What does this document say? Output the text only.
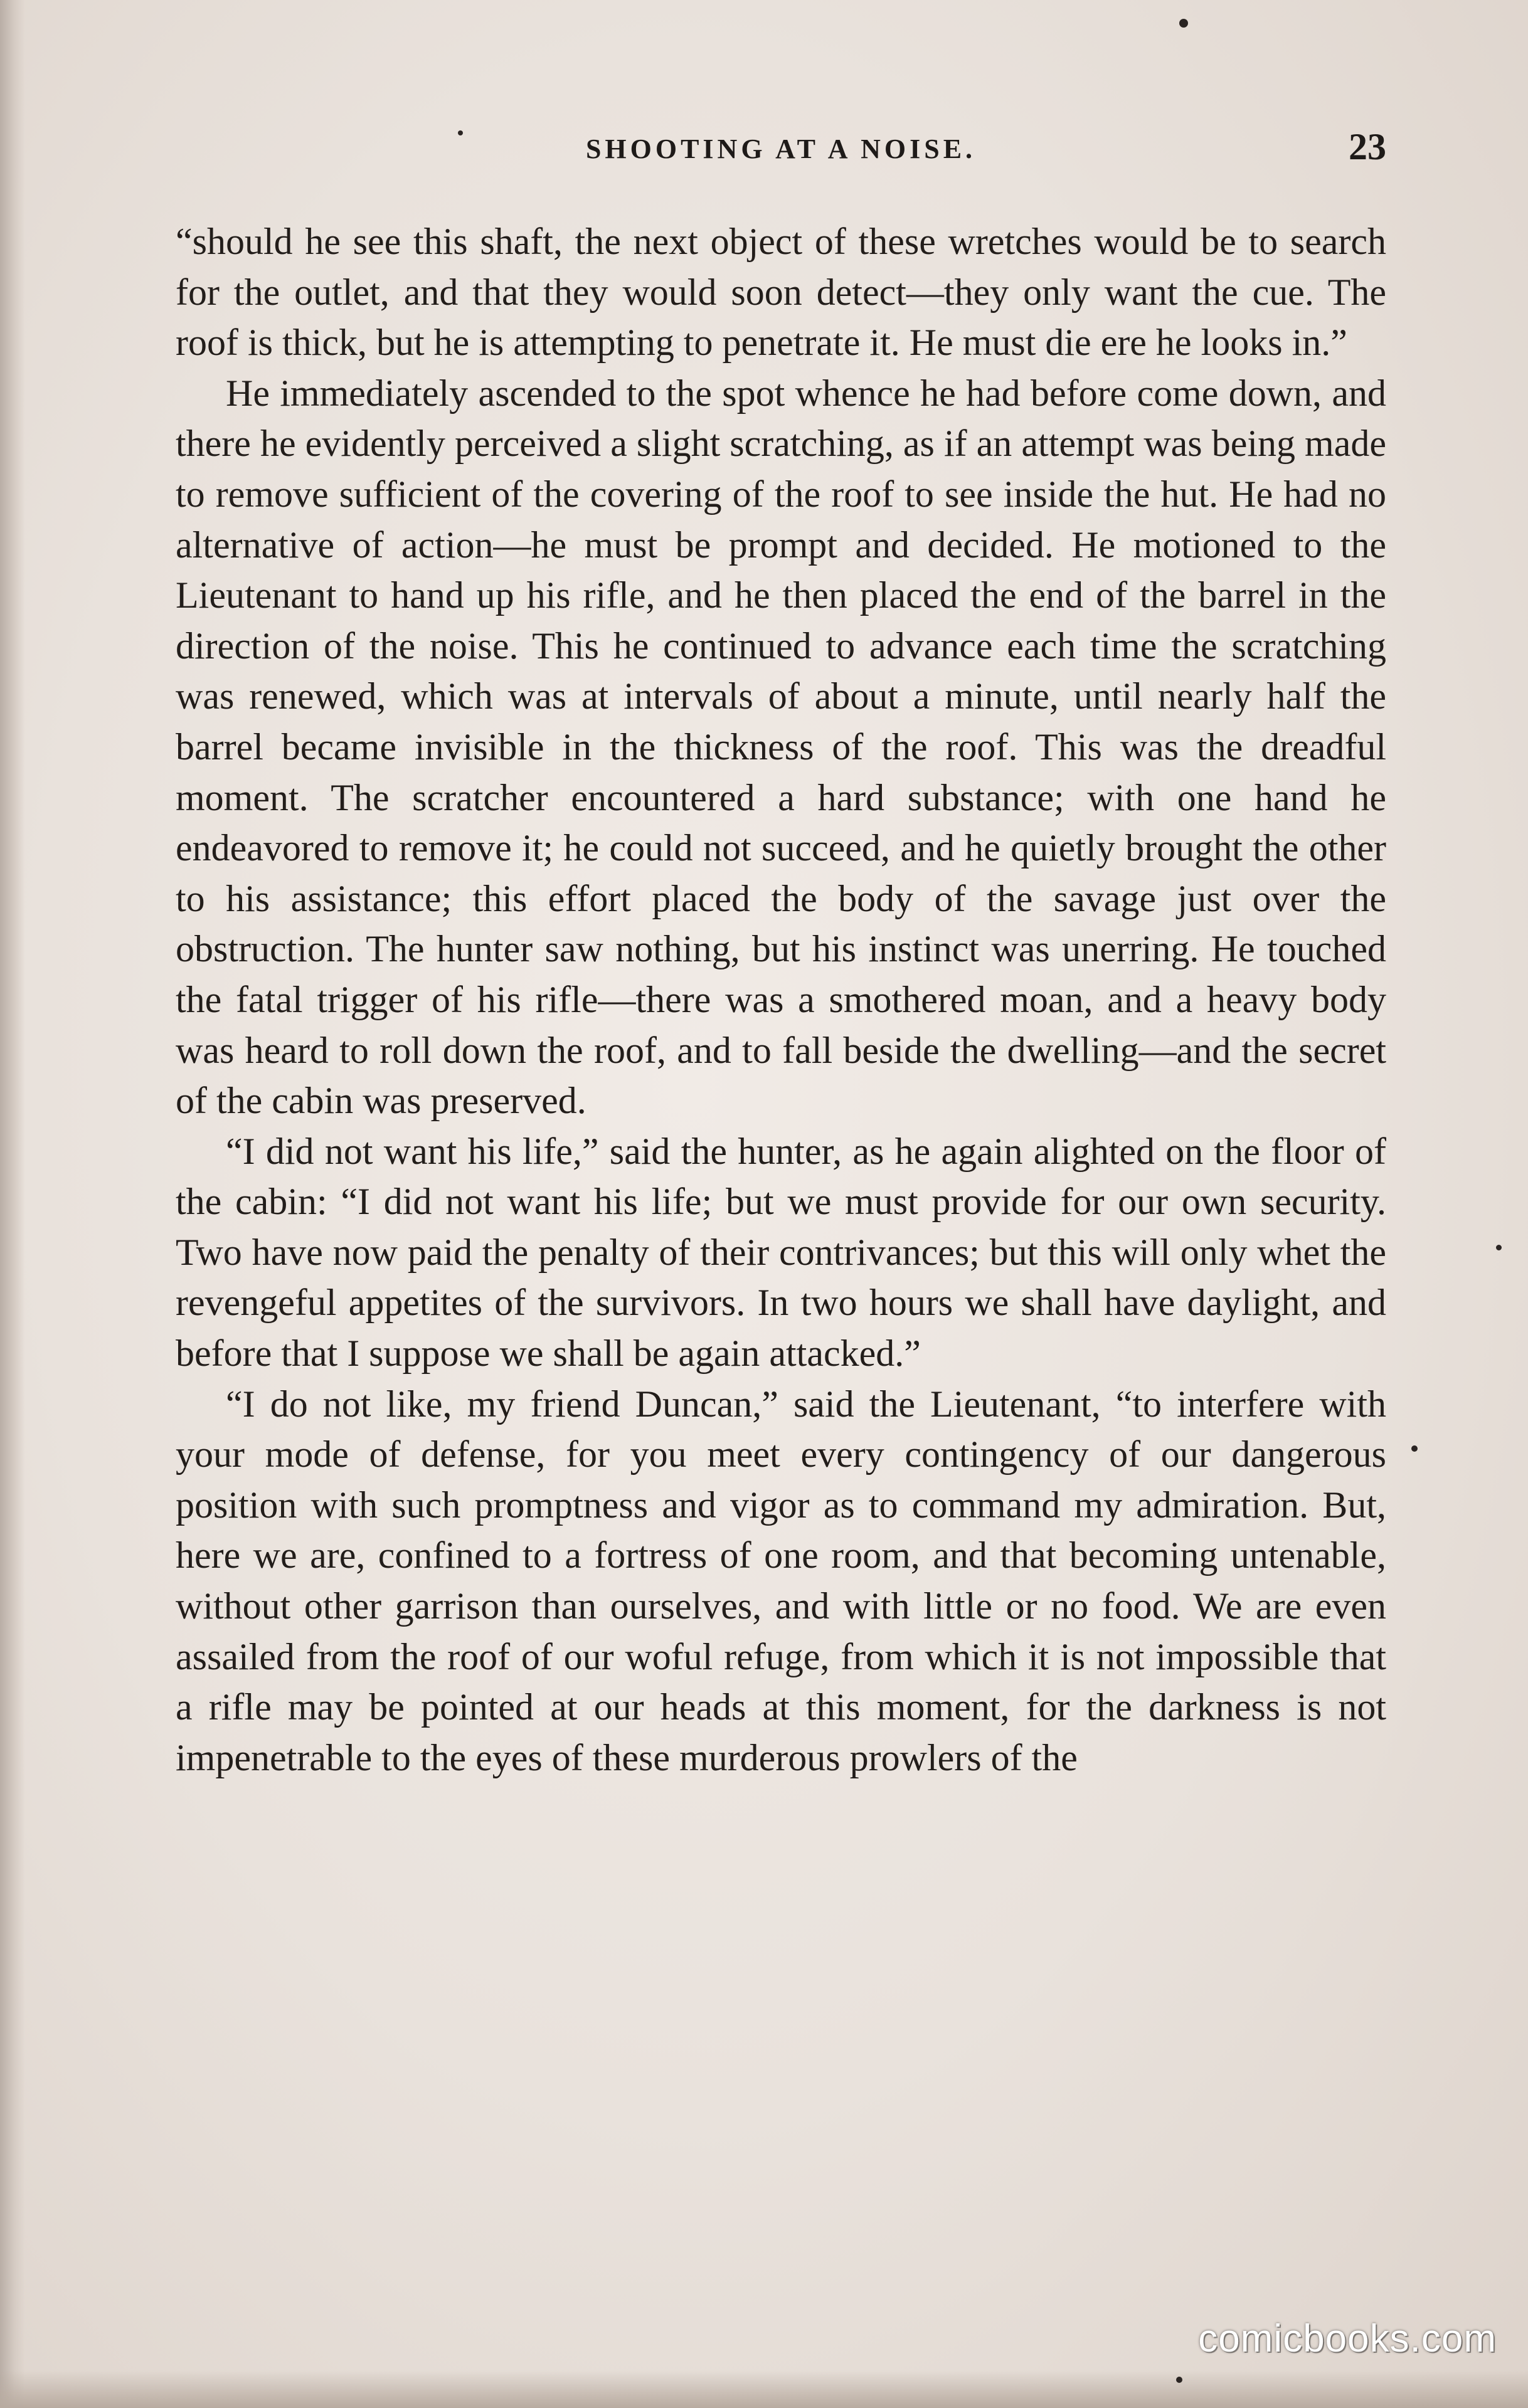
SHOOTING AT A NOISE.	23

“should he see this shaft, the next object of these wretches would be to search for the outlet, and that they would soon detect—they only want the cue. The roof is thick, but he is attempting to penetrate it. He must die ere he looks in.”

He immediately ascended to the spot whence he had before come down, and there he evidently perceived a slight scratching, as if an attempt was being made to remove sufficient of the covering of the roof to see inside the hut. He had no alternative of action—he must be prompt and decided. He motioned to the Lieutenant to hand up his rifle, and he then placed the end of the barrel in the direction of the noise. This he continued to advance each time the scratching was renewed, which was at intervals of about a minute, until nearly half the barrel became invisible in the thickness of the roof. This was the dreadful moment. The scratcher encountered a hard substance; with one hand he endeavored to remove it; he could not succeed, and he quietly brought the other to his assistance; this effort placed the body of the savage just over the obstruction. The hunter saw nothing, but his instinct was unerring. He touched the fatal trigger of his rifle—there was a smothered moan, and a heavy body was heard to roll down the roof, and to fall beside the dwelling—and the secret of the cabin was preserved.

“I did not want his life,” said the hunter, as he again alighted on the floor of the cabin: “I did not want his life; but we must provide for our own security. Two have now paid the penalty of their contrivances; but this will only whet the revengeful appetites of the survivors. In two hours we shall have daylight, and before that I suppose we shall be again attacked.”

“I do not like, my friend Duncan,” said the Lieutenant, “to interfere with your mode of defense, for you meet every contingency of our dangerous position with such promptness and vigor as to command my admiration. But, here we are, confined to a fortress of one room, and that becoming untenable, without other garrison than ourselves, and with little or no food. We are even assailed from the roof of our woful refuge, from which it is not impossible that a rifle may be pointed at our heads at this moment, for the darkness is not impenetrable to the eyes of these murderous prowlers of the

comicbooks.com
